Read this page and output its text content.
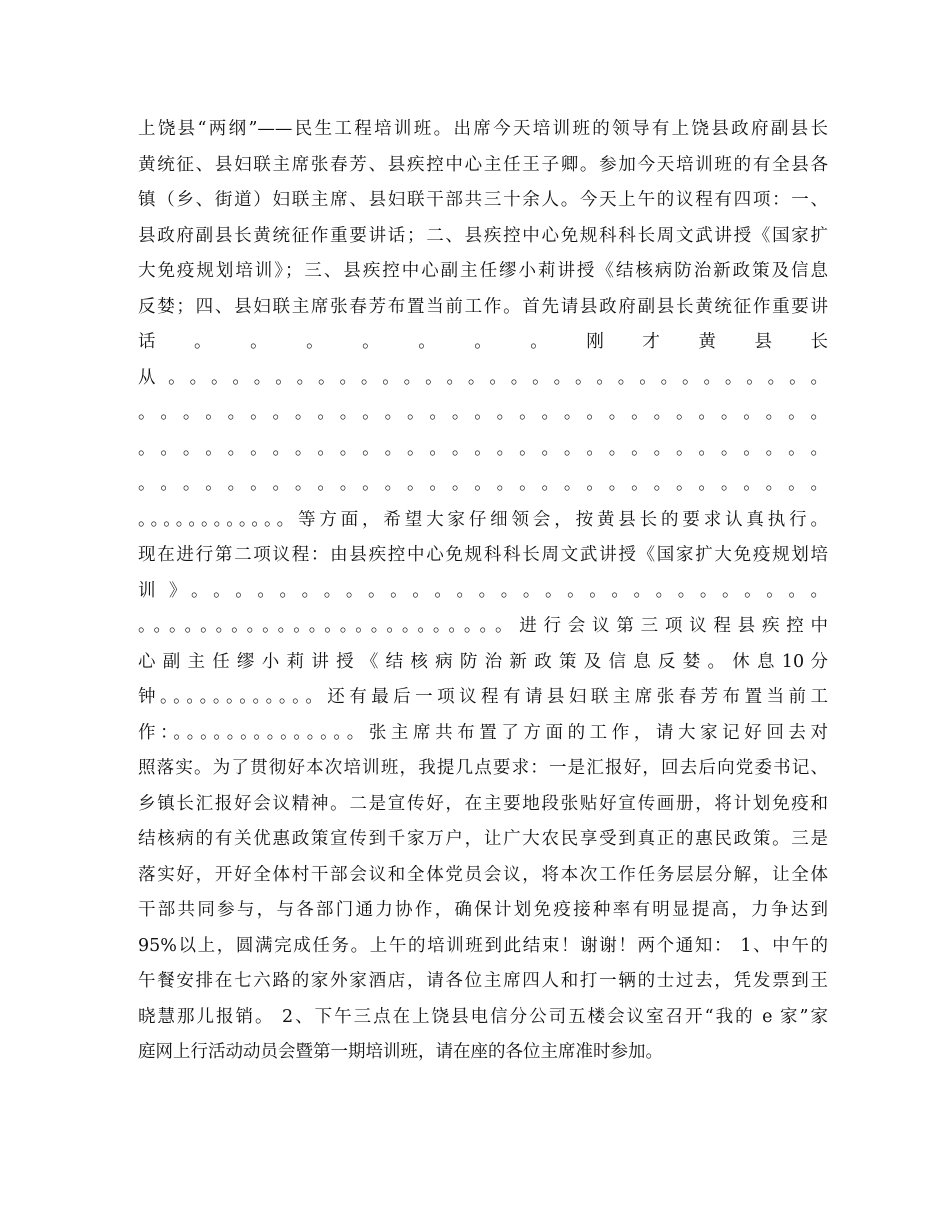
上饶县“两纲”——民生工程培训班。出席今天培训班的领导有上饶县政府副县长
黄统征、县妇联主席张春芳、县疾控中心主任王子卿。参加今天培训班的有全县各
镇（乡、街道）妇联主席、县妇联干部共三十余人。今天上午的议程有四项：一、
县政府副县长黄统征作重要讲话；二、县疾控中心免规科科长周文武讲授《国家扩
大免疫规划培训》；三、县疾控中心副主任缪小莉讲授《结核病防治新政策及信息
反婪；四、县妇联主席张春芳布置当前工作。首先请县政府副县长黄统征作重要讲
话 。 。 。 。 。 。 。 刚 才 黄 县 长
从。。。。。。。。。。。。。。。。。。。。。。。。。。。。。。。
。。。。。。。。。。。。。。。。。。。。。。。。。。。。。。。
。。。。。。。。。。。。。。。。。。。。。。。。。。。。。。。
。。。。。。。。。。。。。。。。。。。。。。。。。。。。。。。
。。。。。。。。。。。。等方面，希望大家仔细领会，按黄县长的要求认真执行。
现在进行第二项议程：由县疾控中心免规科科长周文武讲授《国家扩大免疫规划培
训》。。。。。。。。。。。。。。。。。。。。。。。。。。。。。
。。。。。。。。。。。。。。。。。。。。。。。。进行会议第三项议程县疾控中
心 副 主 任 缪 小 莉 讲 授 《 结 核 病 防 治 新 政 策 及 信 息 反 婪 。 休 息 10 分
钟。。。。。。。。。。。。还有最后一项议程有请县妇联主席张春芳布置当前工
作：。。。。。。。。。。。。。。张主席共布置了方面的工作，请大家记好回去对
照落实。为了贯彻好本次培训班，我提几点要求：一是汇报好，回去后向党委书记、
乡镇长汇报好会议精神。二是宣传好，在主要地段张贴好宣传画册，将计划免疫和
结核病的有关优惠政策宣传到千家万户，让广大农民享受到真正的惠民政策。三是
落实好，开好全体村干部会议和全体党员会议，将本次工作任务层层分解，让全体
干部共同参与，与各部门通力协作，确保计划免疫接种率有明显提高，力争达到
95%以上，圆满完成任务。上午的培训班到此结束！谢谢！两个通知： 1、中午的
午餐安排在七六路的家外家酒店，请各位主席四人和打一辆的士过去，凭发票到王
晓慧那儿报销。 2、下午三点在上饶县电信分公司五楼会议室召开“我的 e 家”家
庭网上行活动动员会暨第一期培训班，请在座的各位主席准时参加。
